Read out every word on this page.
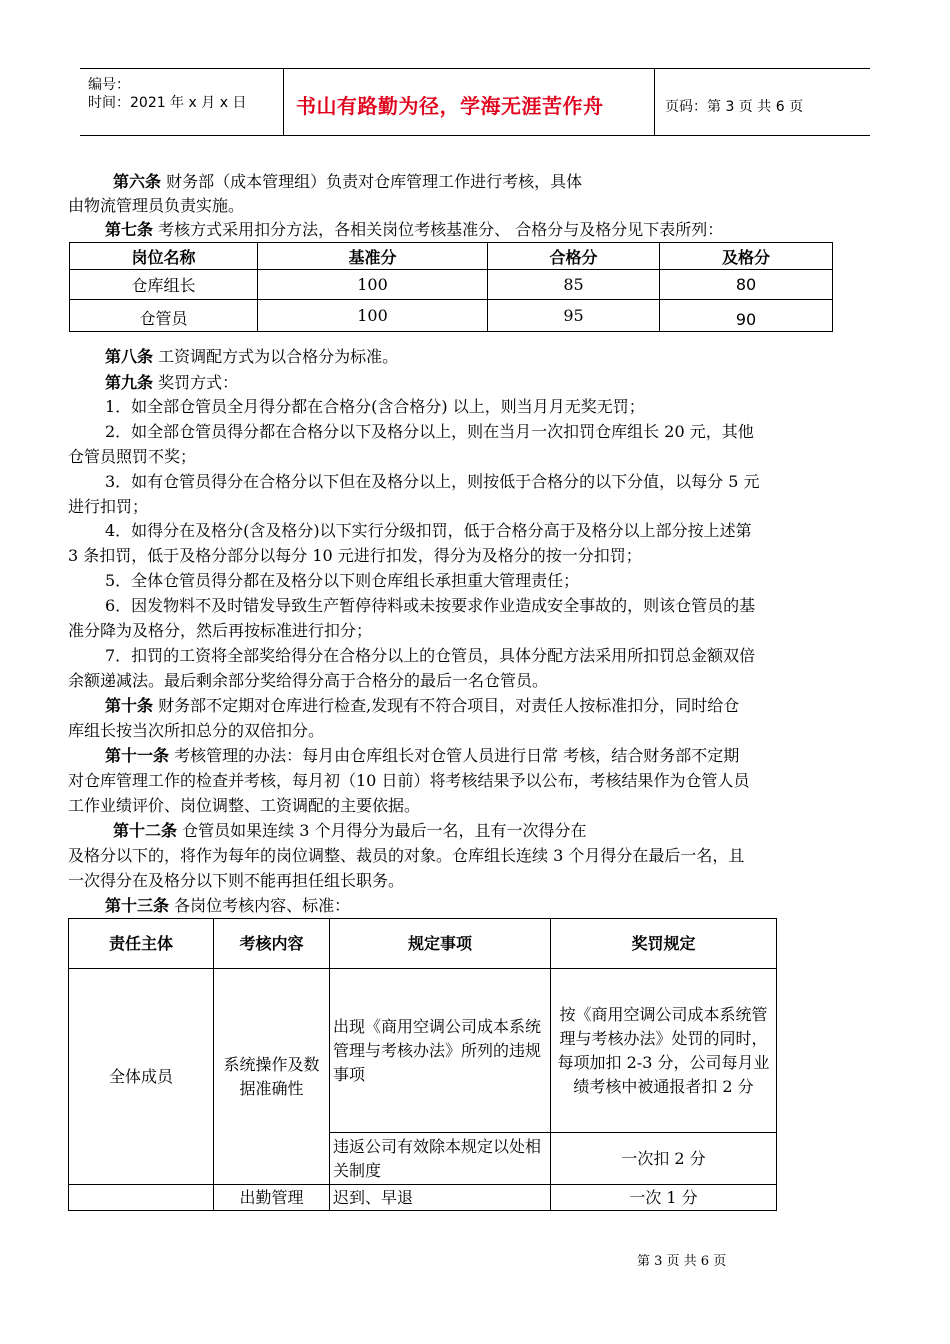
编号：
时间：2021 年 x 月 x 日 书山有路勤为径，学海无涯苦作舟	页码：第 3 页 共 6 页
第六条 财务部（成本管理组）负责对仓库管理工作进行考核，具体
由物流管理员负责实施。
第七条 考核方式采用扣分方法，各相关岗位考核基准分、 合格分与及格分见下表所列：
岗位名称	基准分	合格分	及格分
仓库组长	100	85	80
仓管员	100	95	90
第八条 工资调配方式为以合格分为标准。
第九条 奖罚方式：
1．如全部仓管员全月得分都在合格分(含合格分) 以上，则当月月无奖无罚；
2．如全部仓管员得分都在合格分以下及格分以上，则在当月一次扣罚仓库组长 20 元，其他
仓管员照罚不奖；
3．如有仓管员得分在合格分以下但在及格分以上，则按低于合格分的以下分值，以每分 5 元
进行扣罚；
4．如得分在及格分(含及格分)以下实行分级扣罚，低于合格分高于及格分以上部分按上述第
3 条扣罚，低于及格分部分以每分 10 元进行扣发，得分为及格分的按一分扣罚；
5．全体仓管员得分都在及格分以下则仓库组长承担重大管理责任；
6．因发物料不及时错发导致生产暂停待料或未按要求作业造成安全事故的，则该仓管员的基
准分降为及格分，然后再按标准进行扣分；
7．扣罚的工资将全部奖给得分在合格分以上的仓管员，具体分配方法采用所扣罚总金额双倍
余额递减法。最后剩余部分奖给得分高于合格分的最后一名仓管员。
第十条 财务部不定期对仓库进行检查,发现有不符合项目，对责任人按标准扣分，同时给仓
库组长按当次所扣总分的双倍扣分。
第十一条 考核管理的办法：每月由仓库组长对仓管人员进行日常 考核，结合财务部不定期
对仓库管理工作的检查并考核，每月初（10 日前）将考核结果予以公布，考核结果作为仓管人员
工作业绩评价、岗位调整、工资调配的主要依据。
第十二条 仓管员如果连续 3 个月得分为最后一名，且有一次得分在
及格分以下的，将作为每年的岗位调整、裁员的对象。仓库组长连续 3 个月得分在最后一名，且
一次得分在及格分以下则不能再担任组长职务。
第十三条 各岗位考核内容、标准：
责任主体	考核内容	规定事项	奖罚规定
全体成员	系统操作及数据准确性	出现《商用空调公司成本系统管理与考核办法》所列的违规事项	按《商用空调公司成本系统管理与考核办法》处罚的同时，每项加扣 2-3 分，公司每月业绩考核中被通报者扣 2 分
		违返公司有效除本规定以处相关制度	一次扣 2 分
	出勤管理	迟到、早退	一次 1 分
第 3 页 共 6 页
